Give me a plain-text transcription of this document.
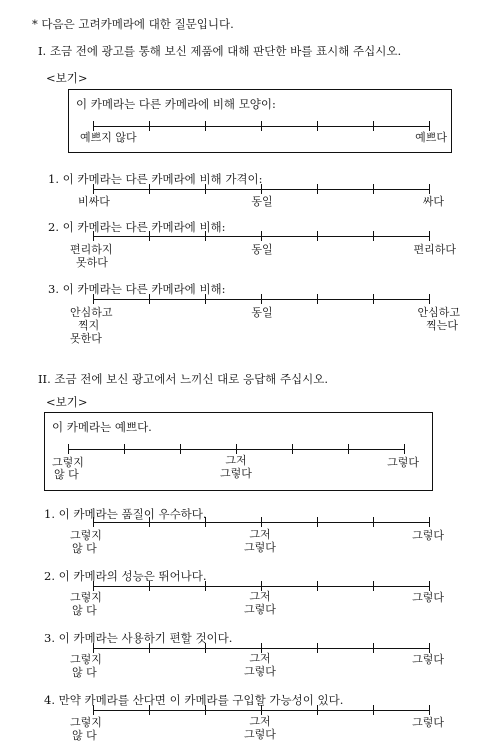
* 다음은 고려카메라에 대한 질문입니다.
I. 조금 전에 광고를 통해 보신 제품에 대해 판단한 바를 표시해 주십시오.
<보기>
이 카메라는 다른 카메라에 비해 모양이:
예쁘지 않다	예쁘다
1. 이 카메라는 다른 카메라에 비해 가격이:
비싸다	동일	싸다
2. 이 카메라는 다른 카메라에 비해:
편리하지
못하다
동일	편리하다
3. 이 카메라는 다른 카메라에 비해:
안심하고
찍지
못한다
동일	안심하고
찍는다
II. 조금 전에 보신 광고에서 느끼신 대로 응답해 주십시오.
<보기>
이 카메라는 예쁘다.
그렇지
않 다
그저
그렇다
그렇다
1. 이 카메라는 품질이 우수하다.
그렇지
않 다
그저
그렇다
그렇다
2. 이 카메라의 성능은 뛰어나다.
그렇지
않 다
그저
그렇다
그렇다
3. 이 카메라는 사용하기 편할 것이다.
그렇지
않 다
그저
그렇다
그렇다
4. 만약 카메라를 산다면 이 카메라를 구입할 가능성이 있다.
그렇지
않 다
그저
그렇다
그렇다
